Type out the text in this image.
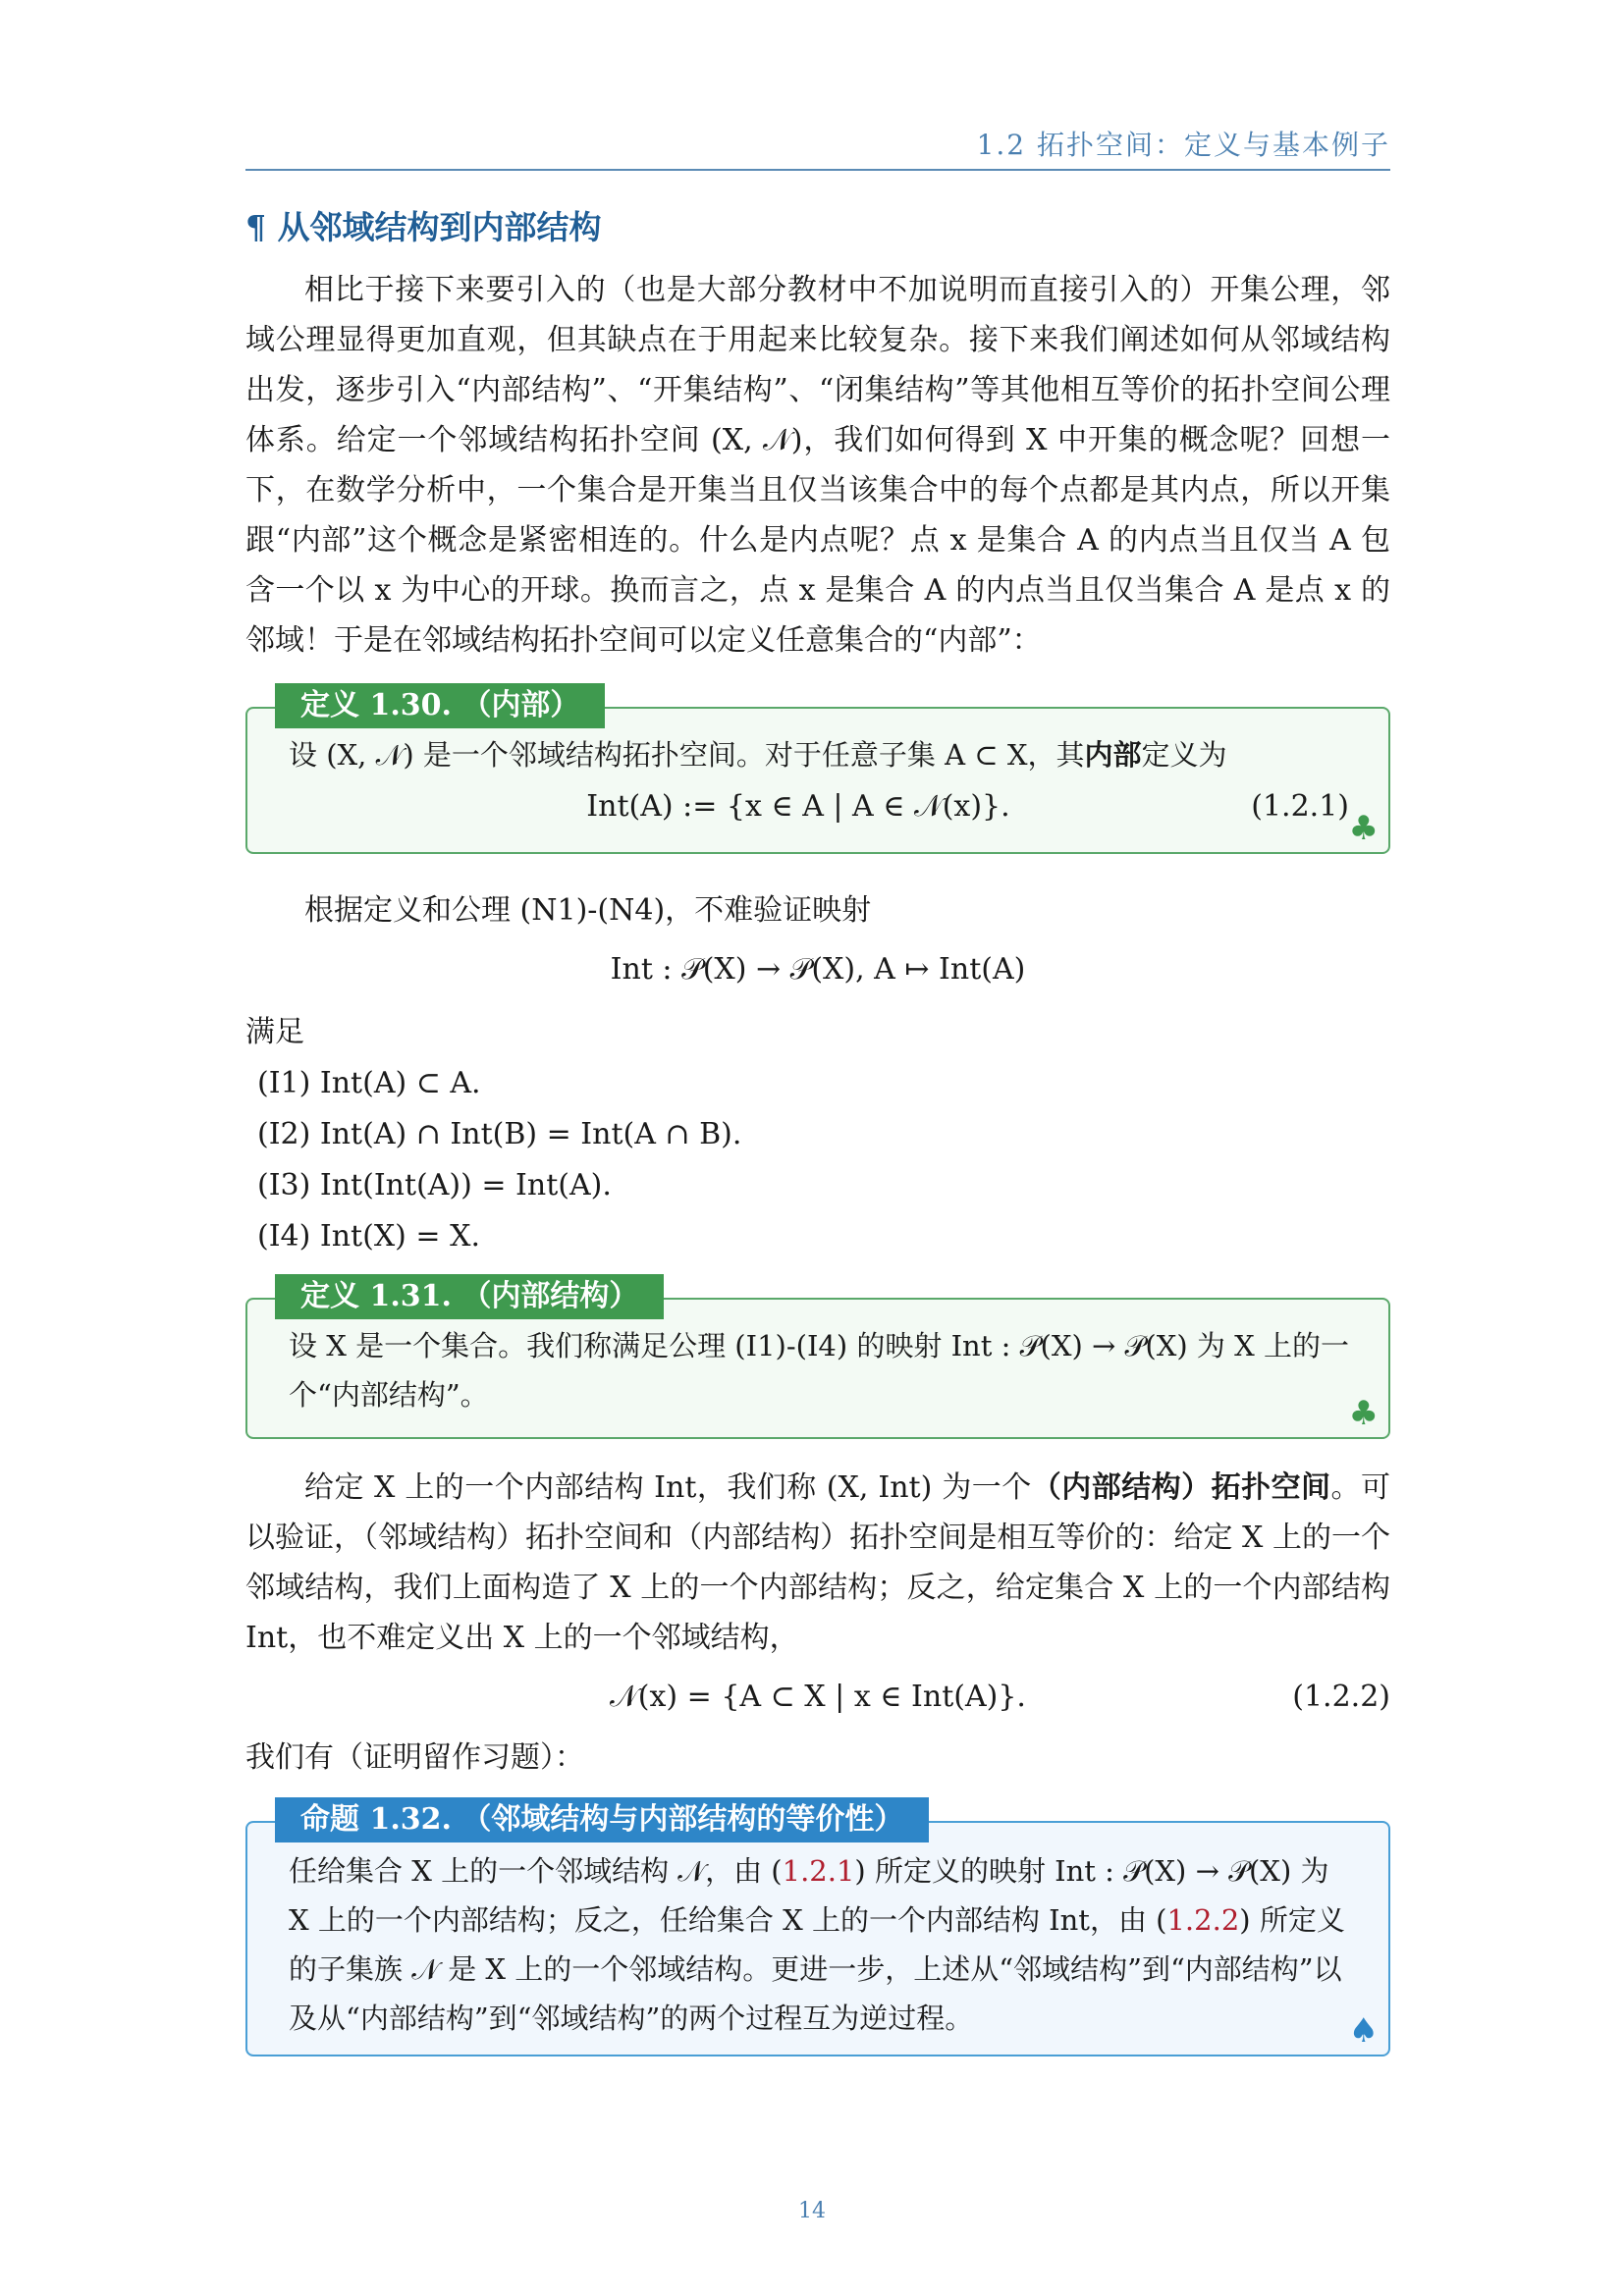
1.2 拓扑空间：定义与基本例子
¶ 从邻域结构到内部结构

相比于接下来要引入的（也是大部分教材中不加说明而直接引入的）开集公理，邻域公理显得更加直观，但其缺点在于用起来比较复杂。接下来我们阐述如何从邻域结构出发，逐步引入“内部结构”、“开集结构”、“闭集结构”等其他相互等价的拓扑空间公理体系。给定一个邻域结构拓扑空间 (X, 𝒩)，我们如何得到 X 中开集的概念呢？回想一下，在数学分析中，一个集合是开集当且仅当该集合中的每个点都是其内点，所以开集跟“内部”这个概念是紧密相连的。什么是内点呢？点 x 是集合 A 的内点当且仅当 A 包含一个以 x 为中心的开球。换而言之，点 x 是集合 A 的内点当且仅当集合 A 是点 x 的邻域！于是在邻域结构拓扑空间可以定义任意集合的“内部”：

定义 1.30. （内部）
设 (X, 𝒩) 是一个邻域结构拓扑空间。对于任意子集 A ⊂ X，其内部定义为
Int(A) := {x ∈ A | A ∈ 𝒩(x)}.	(1.2.1)
♣

根据定义和公理 (N1)-(N4)，不难验证映射

Int : 𝒫(X) → 𝒫(X), A ↦ Int(A)

满足

(I1) Int(A) ⊂ A.
(I2) Int(A) ∩ Int(B) = Int(A ∩ B).
(I3) Int(Int(A)) = Int(A).
(I4) Int(X) = X.
定义 1.31. （内部结构）
设 X 是一个集合。我们称满足公理 (I1)-(I4) 的映射 Int : 𝒫(X) → 𝒫(X) 为 X 上的一个“内部结构”。	♣

给定 X 上的一个内部结构 Int，我们称 (X, Int) 为一个（内部结构）拓扑空间。可以验证，（邻域结构）拓扑空间和（内部结构）拓扑空间是相互等价的：给定 X 上的一个邻域结构，我们上面构造了 X 上的一个内部结构；反之，给定集合 X 上的一个内部结构 Int，也不难定义出 X 上的一个邻域结构，

𝒩(x) = {A ⊂ X | x ∈ Int(A)}.	(1.2.2)

我们有（证明留作习题）：

命题 1.32. （邻域结构与内部结构的等价性）
任给集合 X 上的一个邻域结构 𝒩，由 (1.2.1) 所定义的映射 Int : 𝒫(X) → 𝒫(X) 为 X 上的一个内部结构；反之，任给集合 X 上的一个内部结构 Int，由 (1.2.2) 所定义的子集族 𝒩 是 X 上的一个邻域结构。更进一步，上述从“邻域结构”到“内部结构”以及从“内部结构”到“邻域结构”的两个过程互为逆过程。	♠
14
